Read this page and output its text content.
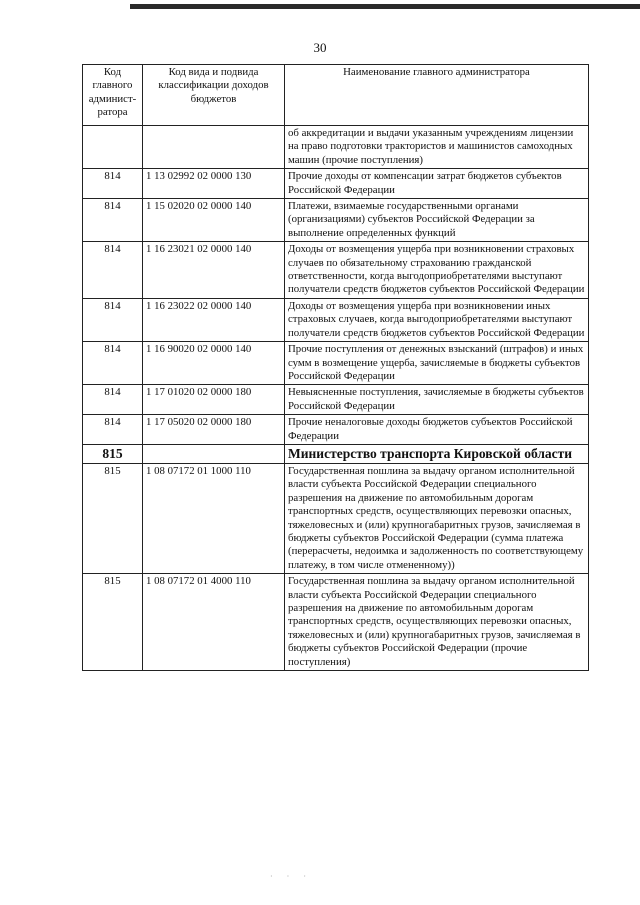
30
Код главного админист-ратора	Код вида и подвида классификации доходов бюджетов	Наименование главного администратора
		об аккредитации и выдачи указанным учреждениям лицензии на право подготовки трактористов и машинистов самоходных машин (прочие поступления)
814	1 13 02992 02 0000 130	Прочие доходы от компенсации затрат бюджетов субъектов Российской Федерации
814	1 15 02020 02 0000 140	Платежи, взимаемые государственными органами (организациями) субъектов Российской Федерации за выполнение определенных функций
814	1 16 23021 02 0000 140	Доходы от возмещения ущерба при возникновении страховых случаев по обязательному страхованию гражданской ответственности, когда выгодоприобретателями выступают получатели средств бюджетов субъектов Российской Федерации
814	1 16 23022 02 0000 140	Доходы от возмещения ущерба при возникновении иных страховых случаев, когда выгодоприобретателями выступают получатели средств бюджетов субъектов Российской Федерации
814	1 16 90020 02 0000 140	Прочие поступления от денежных взысканий (штрафов) и иных сумм в возмещение ущерба, зачисляемые в бюджеты субъектов Российской Федерации
814	1 17 01020 02 0000 180	Невыясненные поступления, зачисляемые в бюджеты субъектов Российской Федерации
814	1 17 05020 02 0000 180	Прочие неналоговые доходы бюджетов субъектов Российской Федерации
815		Министерство транспорта Кировской области
815	1 08 07172 01 1000 110	Государственная пошлина за выдачу органом исполнительной власти субъекта Российской Федерации специального разрешения на движение по автомобильным дорогам транспортных средств, осуществляющих перевозки опасных, тяжеловесных и (или) крупногабаритных грузов, зачисляемая в бюджеты субъектов Российской Федерации (сумма платежа (перерасчеты, недоимка и задолженность по соответствующему платежу, в том числе отмененному))
815	1 08 07172 01 4000 110	Государственная пошлина за выдачу органом исполнительной власти субъекта Российской Федерации специального разрешения на движение по автомобильным дорогам транспортных средств, осуществляющих перевозки опасных, тяжеловесных и (или) крупногабаритных грузов, зачисляемая в бюджеты субъектов Российской Федерации (прочие поступления)
· · ·
